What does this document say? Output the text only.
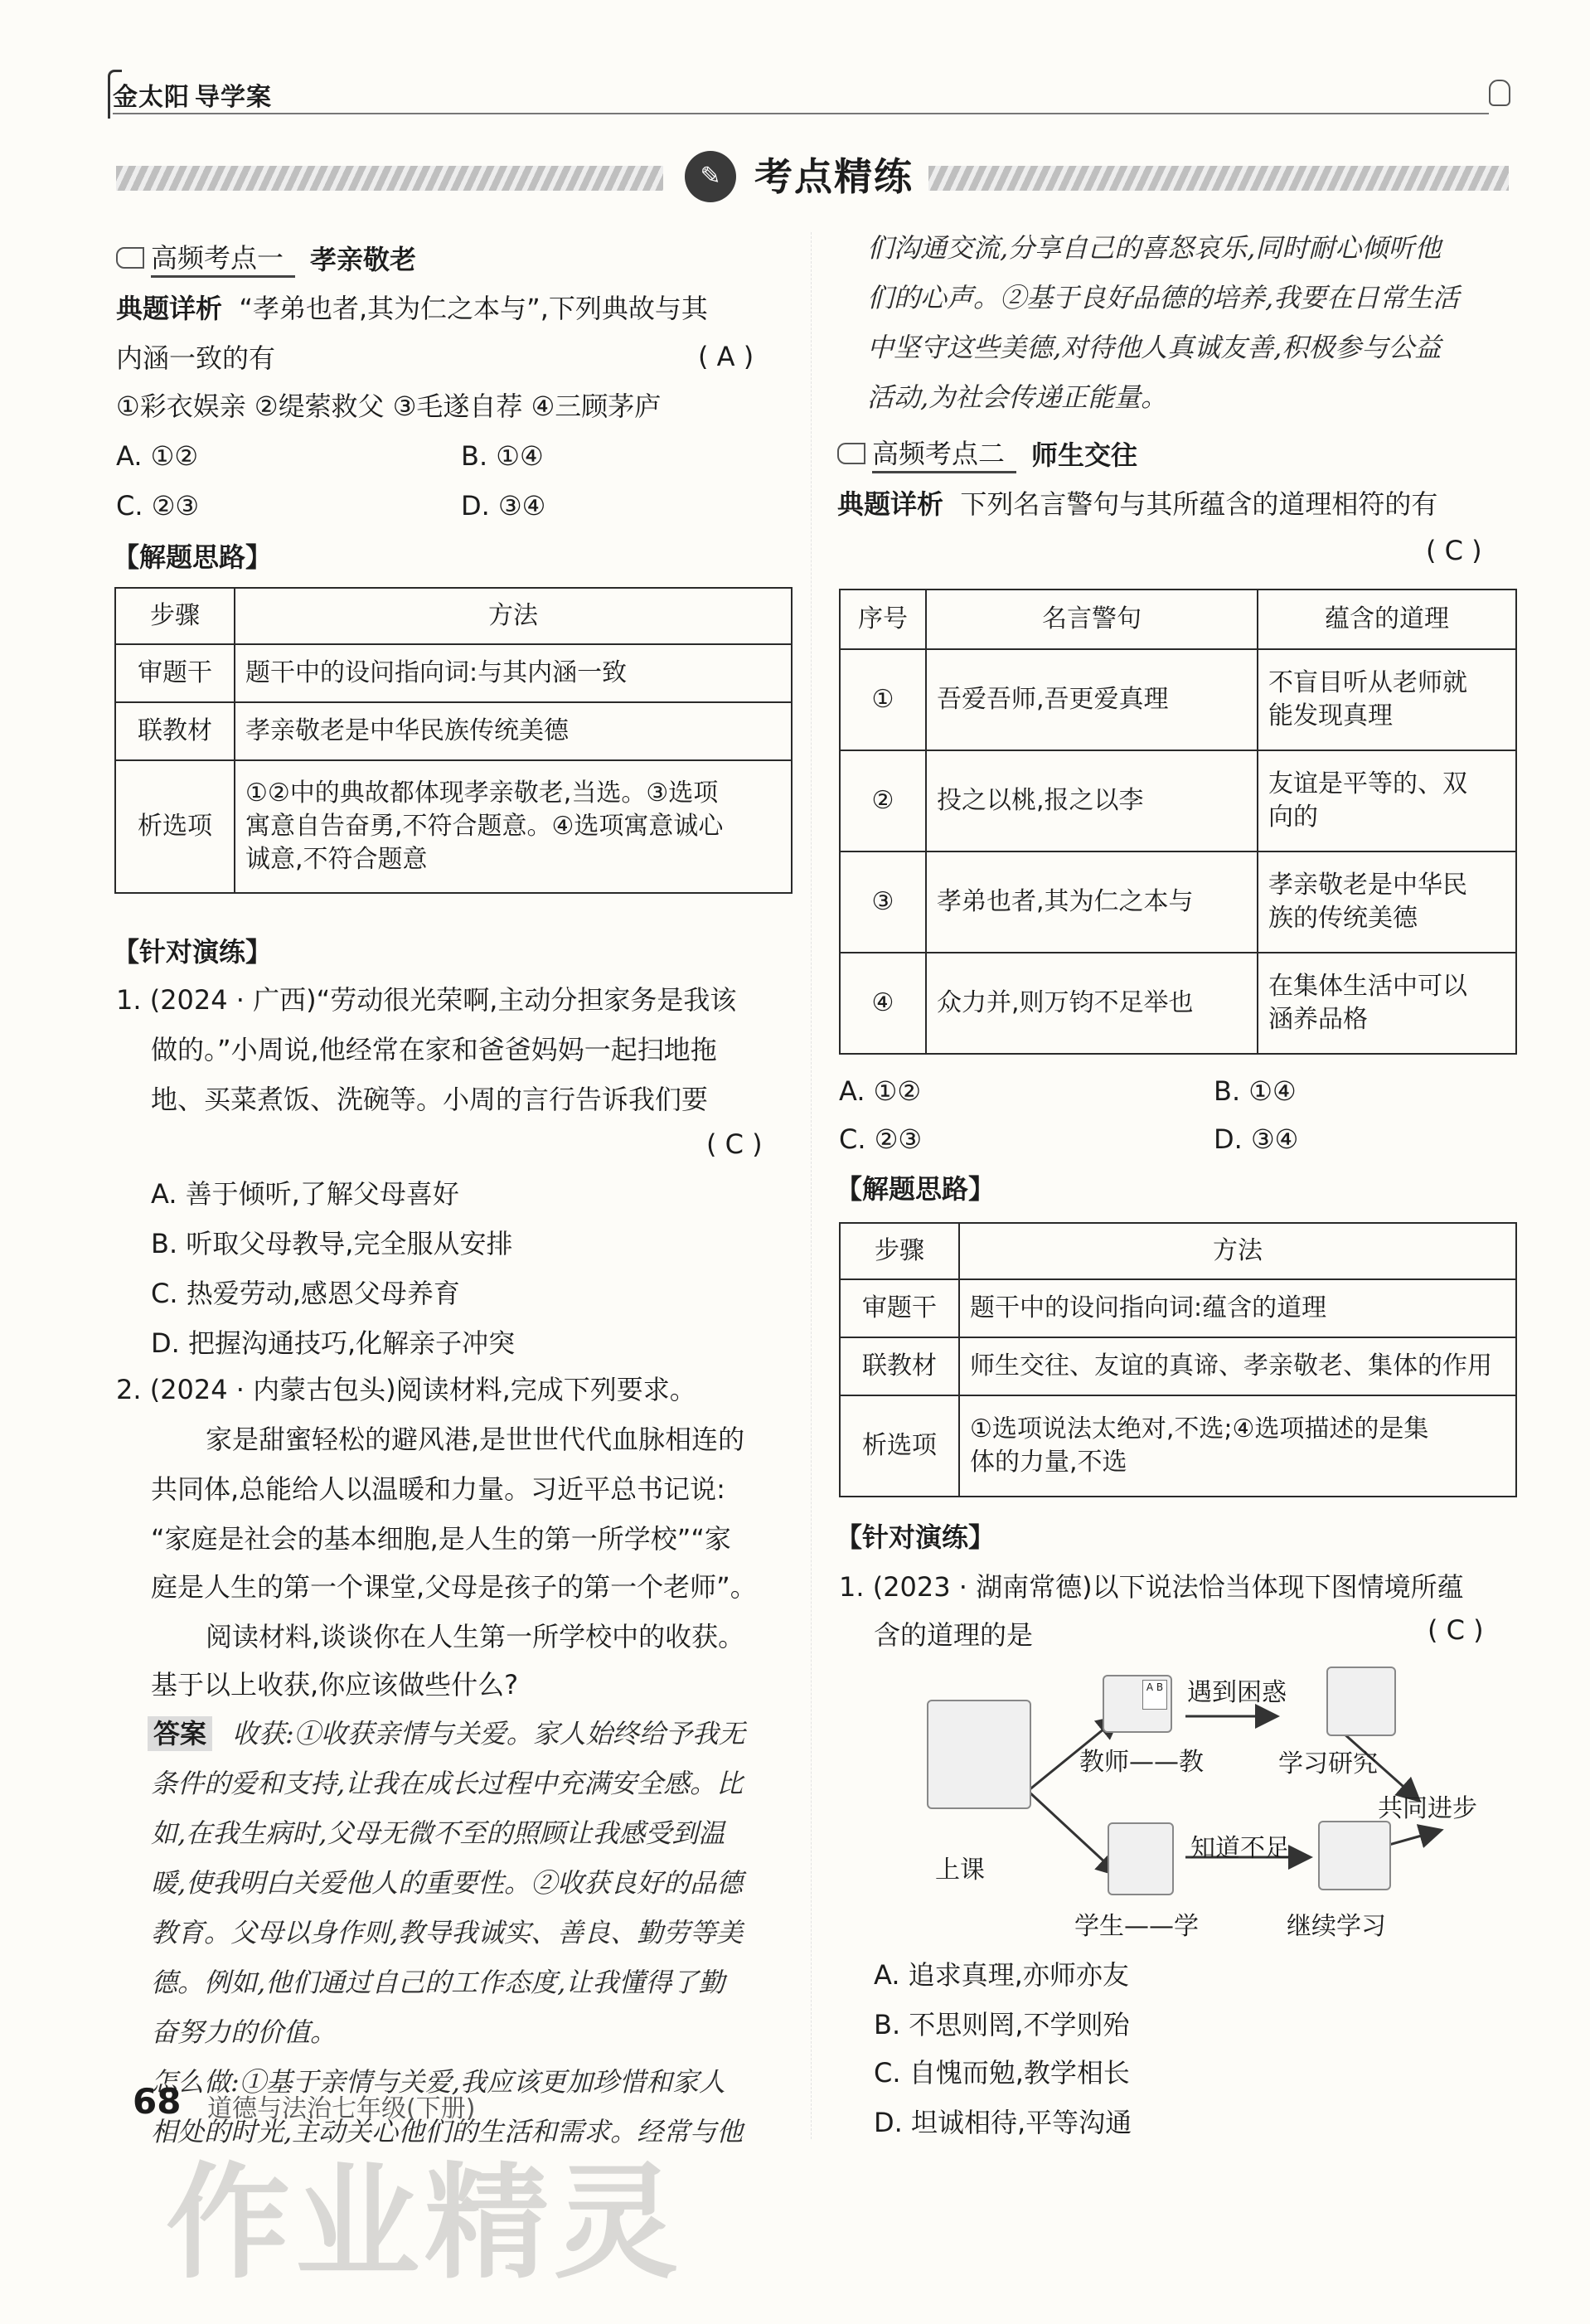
金太阳 导学案
✎ 考点精练
高频考点一	孝亲敬老
典题详析 “孝弟也者,其为仁之本与”,下列典故与其
内涵一致的有	( A )
①彩衣娱亲 ②缇萦救父 ③毛遂自荐 ④三顾茅庐
A. ①②	B. ①④
C. ②③	D. ③④
【解题思路】
步骤	方法
审题干	题干中的设问指向词:与其内涵一致
联教材	孝亲敬老是中华民族传统美德
析选项	①②中的典故都体现孝亲敬老,当选。③选项
寓意自告奋勇,不符合题意。④选项寓意诚心
诚意,不符合题意
【针对演练】
1. (2024 · 广西)“劳动很光荣啊,主动分担家务是我该
做的。”小周说,他经常在家和爸爸妈妈一起扫地拖
地、买菜煮饭、洗碗等。小周的言行告诉我们要
( C )
A. 善于倾听,了解父母喜好
B. 听取父母教导,完全服从安排
C. 热爱劳动,感恩父母养育
D. 把握沟通技巧,化解亲子冲突
2. (2024 · 内蒙古包头)阅读材料,完成下列要求。
家是甜蜜轻松的避风港,是世世代代血脉相连的
共同体,总能给人以温暖和力量。习近平总书记说:
“家庭是社会的基本细胞,是人生的第一所学校”“家
庭是人生的第一个课堂,父母是孩子的第一个老师”。
阅读材料,谈谈你在人生第一所学校中的收获。
基于以上收获,你应该做些什么?
答案 收获:①收获亲情与关爱。家人始终给予我无
条件的爱和支持,让我在成长过程中充满安全感。比
如,在我生病时,父母无微不至的照顾让我感受到温
暖,使我明白关爱他人的重要性。②收获良好的品德
教育。父母以身作则,教导我诚实、善良、勤劳等美
德。例如,他们通过自己的工作态度,让我懂得了勤
奋努力的价值。
怎么做:①基于亲情与关爱,我应该更加珍惜和家人
相处的时光,主动关心他们的生活和需求。经常与他
们沟通交流,分享自己的喜怒哀乐,同时耐心倾听他
们的心声。②基于良好品德的培养,我要在日常生活
中坚守这些美德,对待他人真诚友善,积极参与公益
活动,为社会传递正能量。
高频考点二	师生交往
典题详析 下列名言警句与其所蕴含的道理相符的有
( C )
序号	名言警句	蕴含的道理
①	吾爱吾师,吾更爱真理	不盲目听从老师就
能发现真理

②	投之以桃,报之以李	友谊是平等的、双
向的

③	孝弟也者,其为仁之本与	孝亲敬老是中华民
族的传统美德

④	众力并,则万钧不足举也	在集体生活中可以
涵养品格
A. ①②	B. ①④
C. ②③	D. ③④
【解题思路】
步骤	方法
审题干	题干中的设问指向词:蕴含的道理
联教材	师生交往、友谊的真谛、孝亲敬老、集体的作用
析选项	①选项说法太绝对,不选;④选项描述的是集
体的力量,不选
【针对演练】
1. (2023 · 湖南常德)以下说法恰当体现下图情境所蕴
含的道理的是	( C )
A B 遇到困惑
教师——教	学习研究
共同进步
知道不足
上课
学生——学	继续学习
A. 追求真理,亦师亦友
B. 不思则罔,不学则殆
C. 自愧而勉,教学相长
D. 坦诚相待,平等沟通
68 道德与法治七年级(下册)
作业精灵
